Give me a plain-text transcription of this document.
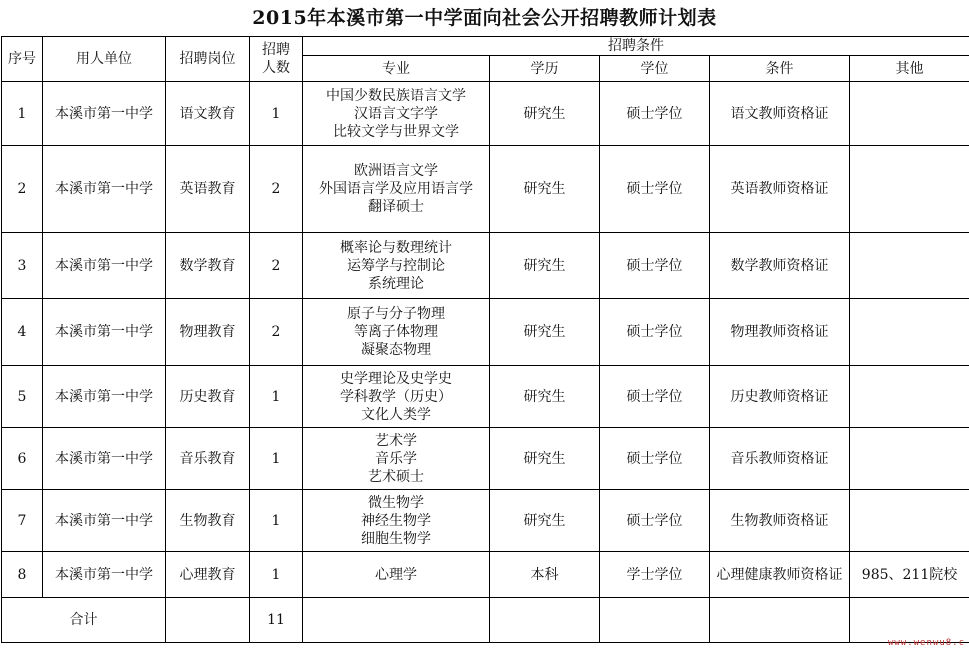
2015年本溪市第一中学面向社会公开招聘教师计划表
序号	用人单位	招聘岗位	招聘
人数	招聘条件				
				专业	学历	学位	条件	其他
1	本溪市第一中学	语文教育	1	中国少数民族语言文学
汉语言文字学
比较文学与世界文学	研究生	硕士学位	语文教师资格证	
2	本溪市第一中学	英语教育	2	欧洲语言文学
外国语言学及应用语言学
翻译硕士	研究生	硕士学位	英语教师资格证	
3	本溪市第一中学	数学教育	2	概率论与数理统计
运筹学与控制论
系统理论	研究生	硕士学位	数学教师资格证	
4	本溪市第一中学	物理教育	2	原子与分子物理
等离子体物理
凝聚态物理	研究生	硕士学位	物理教师资格证	
5	本溪市第一中学	历史教育	1	史学理论及史学史
学科教学（历史）
文化人类学	研究生	硕士学位	历史教师资格证	
6	本溪市第一中学	音乐教育	1	艺术学
音乐学
艺术硕士	研究生	硕士学位	音乐教师资格证	
7	本溪市第一中学	生物教育	1	微生物学
神经生物学
细胞生物学	研究生	硕士学位	生物教师资格证	
8	本溪市第一中学	心理教育	1	心理学	本科	学士学位	心理健康教师资格证	985、211院校
合计			11					
www.wenwu8.c
